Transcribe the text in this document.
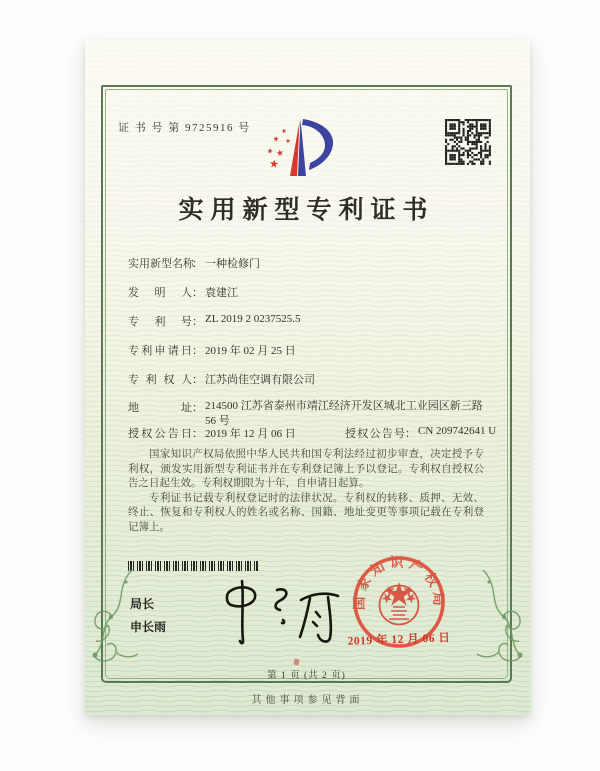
证 书 号 第 9725916 号
实用新型专利证书
实用新型名称： 一种检修门
发明人： 袁建江
专利号： ZL 2019 2 0237525.5
专利申请日： 2019 年 02 月 25 日
专利权人： 江苏尚佳空调有限公司
地址： 214500 江苏省泰州市靖江经济开发区城北工业园区新三路 56 号
授权公告日： 2019 年 12 月 06 日	授权公告号： CN 209742641 U

国家知识产权局依照中华人民共和国专利法经过初步审查，决定授予专利权，颁发实用新型专利证书并在专利登记簿上予以登记。专利权自授权公告之日起生效。专利权期限为十年，自申请日起算。

专利证书记载专利权登记时的法律状况。专利权的转移、质押、无效、终止、恢复和专利权人的姓名或名称、国籍、地址变更等事项记载在专利登记簿上。

局长
申长雨
国家知识产权局
2019 年 12 月 06 日
第 1 页 (共 2 页)
其他事项参见背面
